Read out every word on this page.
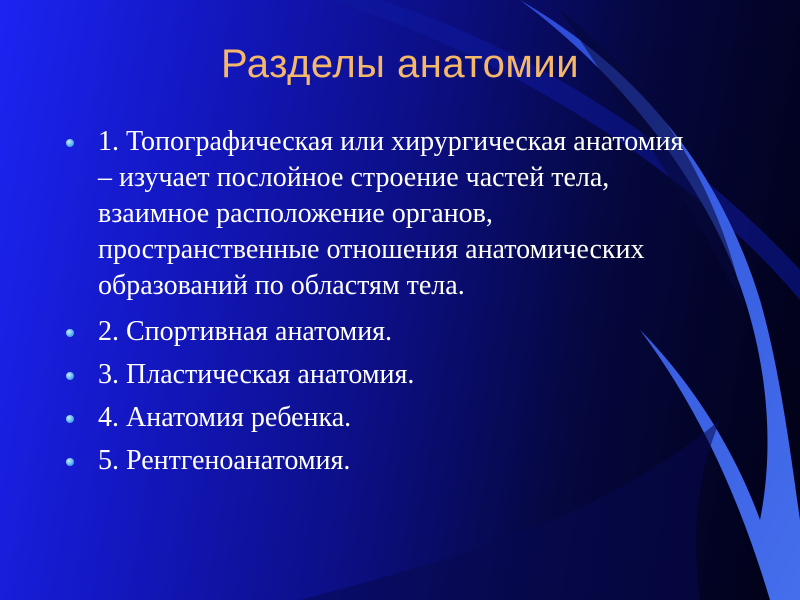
Разделы анатомии
1. Топографическая или хирургическая анатомия – изучает послойное строение частей тела, взаимное расположение органов, пространственные отношения анатомических образований по областям тела.
2. Спортивная анатомия.
3. Пластическая анатомия.
4. Анатомия ребенка.
5. Рентгеноанатомия.
